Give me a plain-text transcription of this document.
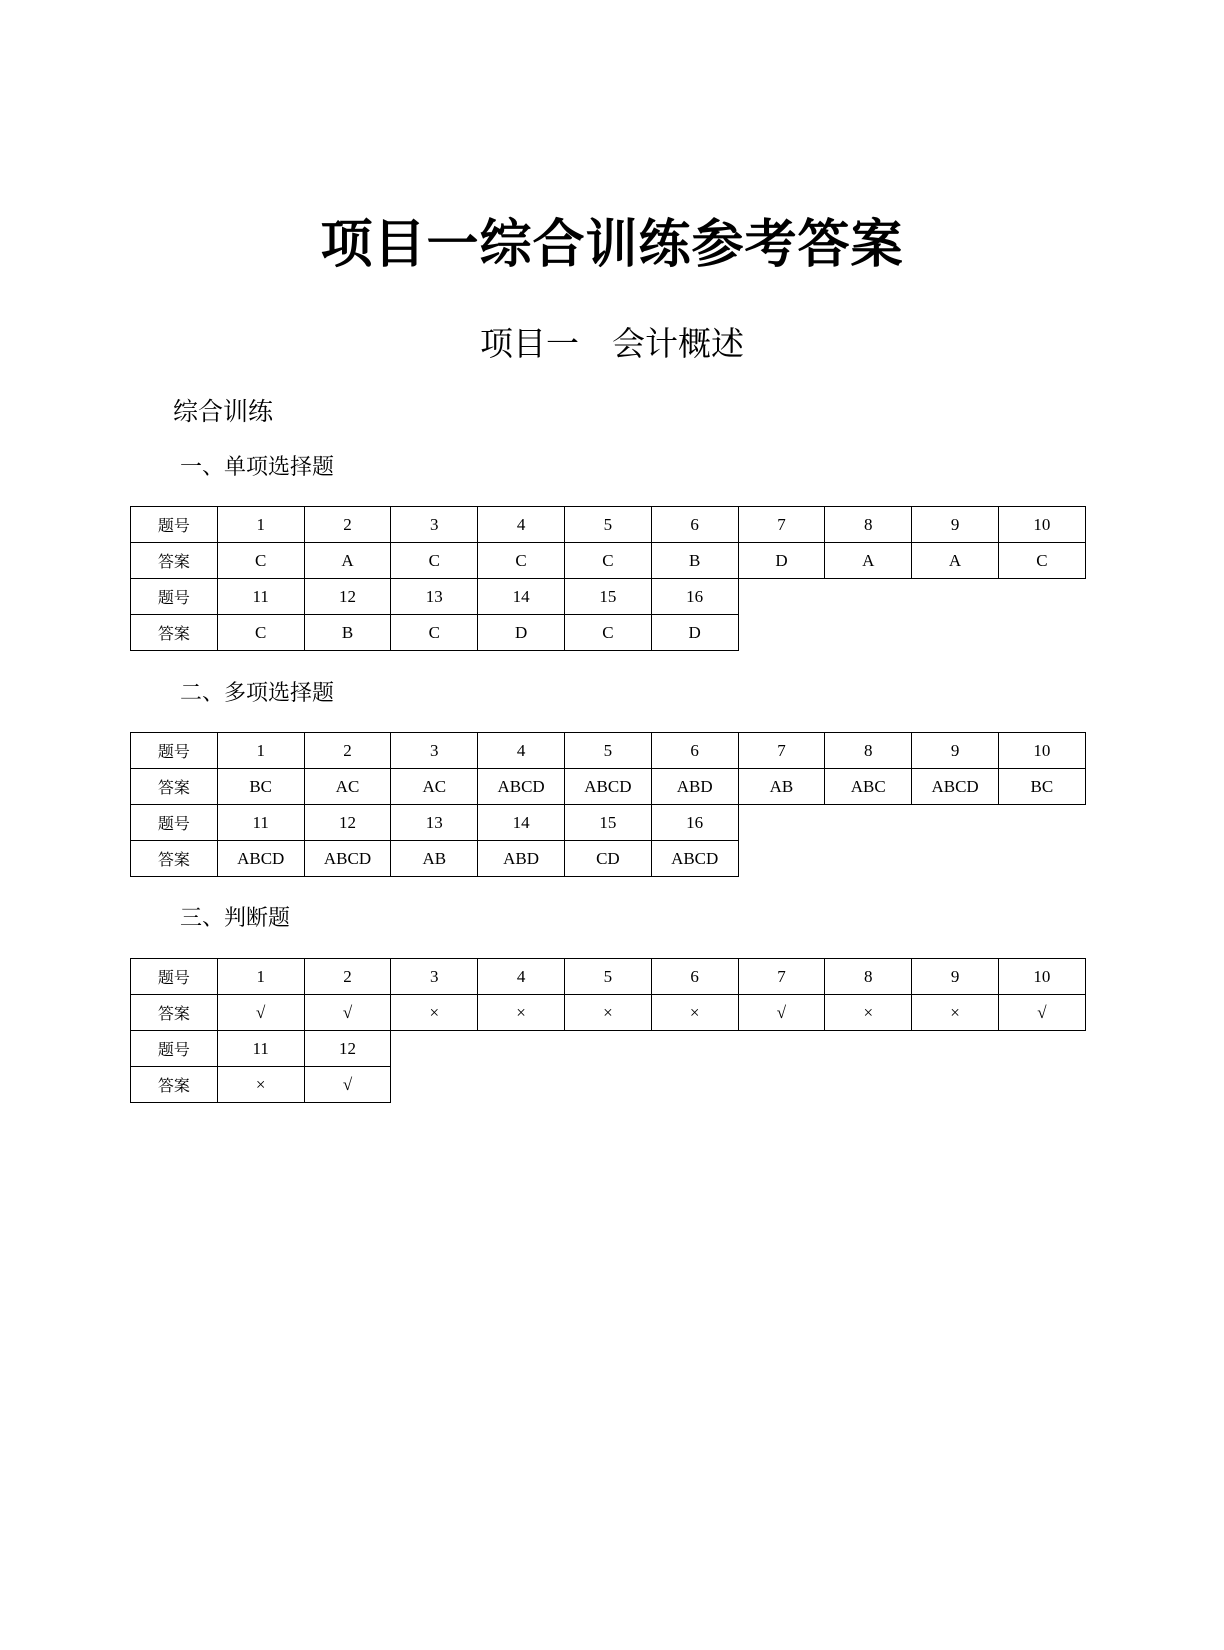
项目一综合训练参考答案
项目一　会计概述
综合训练
一、单项选择题
题号	1	2	3	4	5	6	7	8	9	10
答案	C	A	C	C	C	B	D	A	A	C
题号	11	12	13	14	15	16				
答案	C	B	C	D	C	D				
二、多项选择题
题号	1	2	3	4	5	6	7	8	9	10
答案	BC	AC	AC	ABCD	ABCD	ABD	AB	ABC	ABCD	BC
题号	11	12	13	14	15	16				
答案	ABCD	ABCD	AB	ABD	CD	ABCD				
三、判断题
题号	1	2	3	4	5	6	7	8	9	10
答案	√	√	×	×	×	×	√	×	×	√
题号	11	12								
答案	×	√								
